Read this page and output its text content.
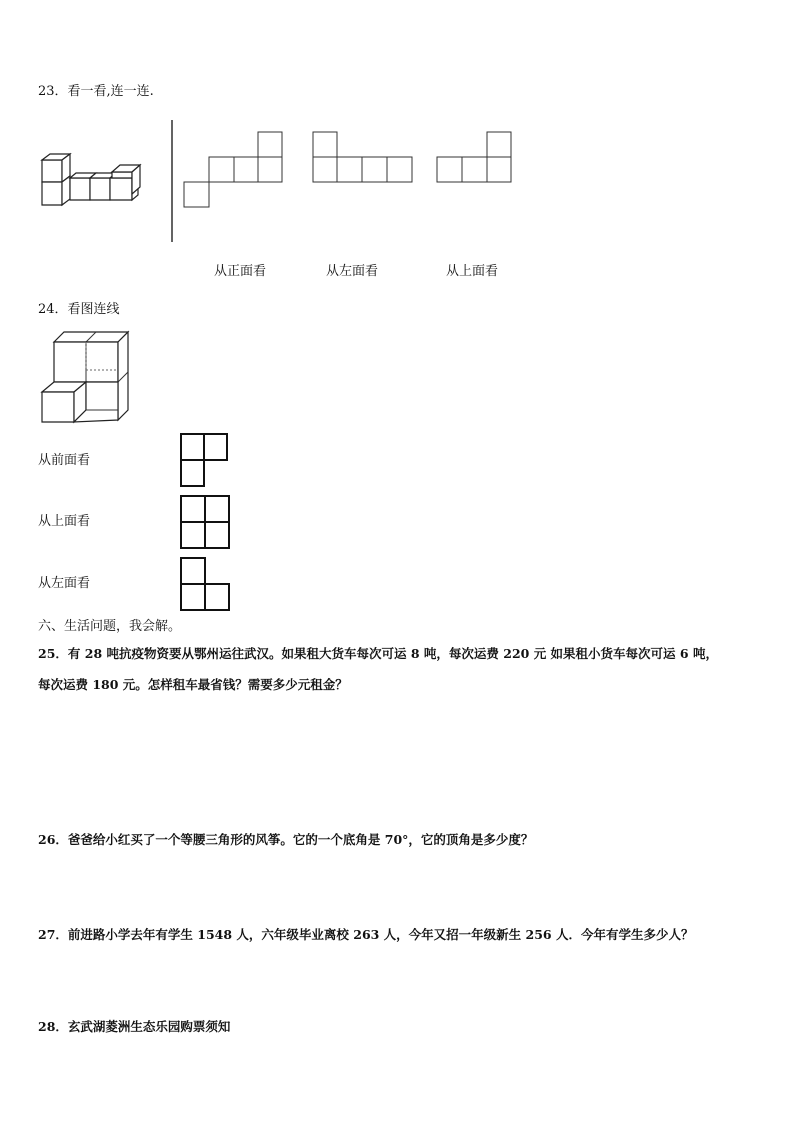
23．看一看,连一连.
从正面看	从左面看	从上面看
24．看图连线
从前面看
从上面看
从左面看
六、生活问题，我会解。
25．有 28 吨抗疫物资要从鄂州运往武汉。如果租大货车每次可运 8 吨，每次运费 220 元 如果租小货车每次可运 6 吨，
每次运费 180 元。怎样租车最省钱？需要多少元租金？
26．爸爸给小红买了一个等腰三角形的风筝。它的一个底角是 70°，它的顶角是多少度？
27．前进路小学去年有学生 1548 人，六年级毕业离校 263 人，今年又招一年级新生 256 人．今年有学生多少人？
28．玄武湖菱洲生态乐园购票须知
